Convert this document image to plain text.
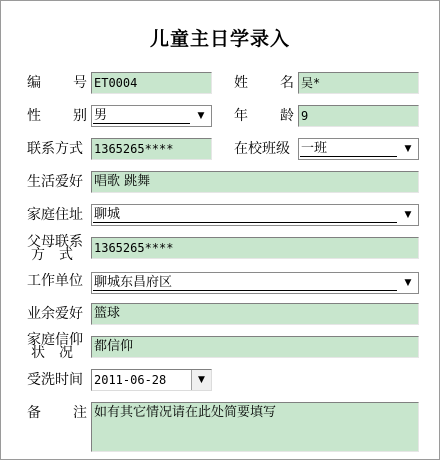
儿童主日学录入
编 号 ET0004	姓 名 吴*
性 别 男	▼	年 龄 9
联系方式 1365265****	在校班级 一班	▼
生活爱好 唱歌 跳舞
家庭住址 聊城	▼
父母联系
方 式 1365265****
工作单位 聊城东昌府区	▼
业余爱好 篮球
家庭信仰
状 况 都信仰
受洗时间 2011-06-28	▼
备 注 如有其它情况请在此处简要填写
